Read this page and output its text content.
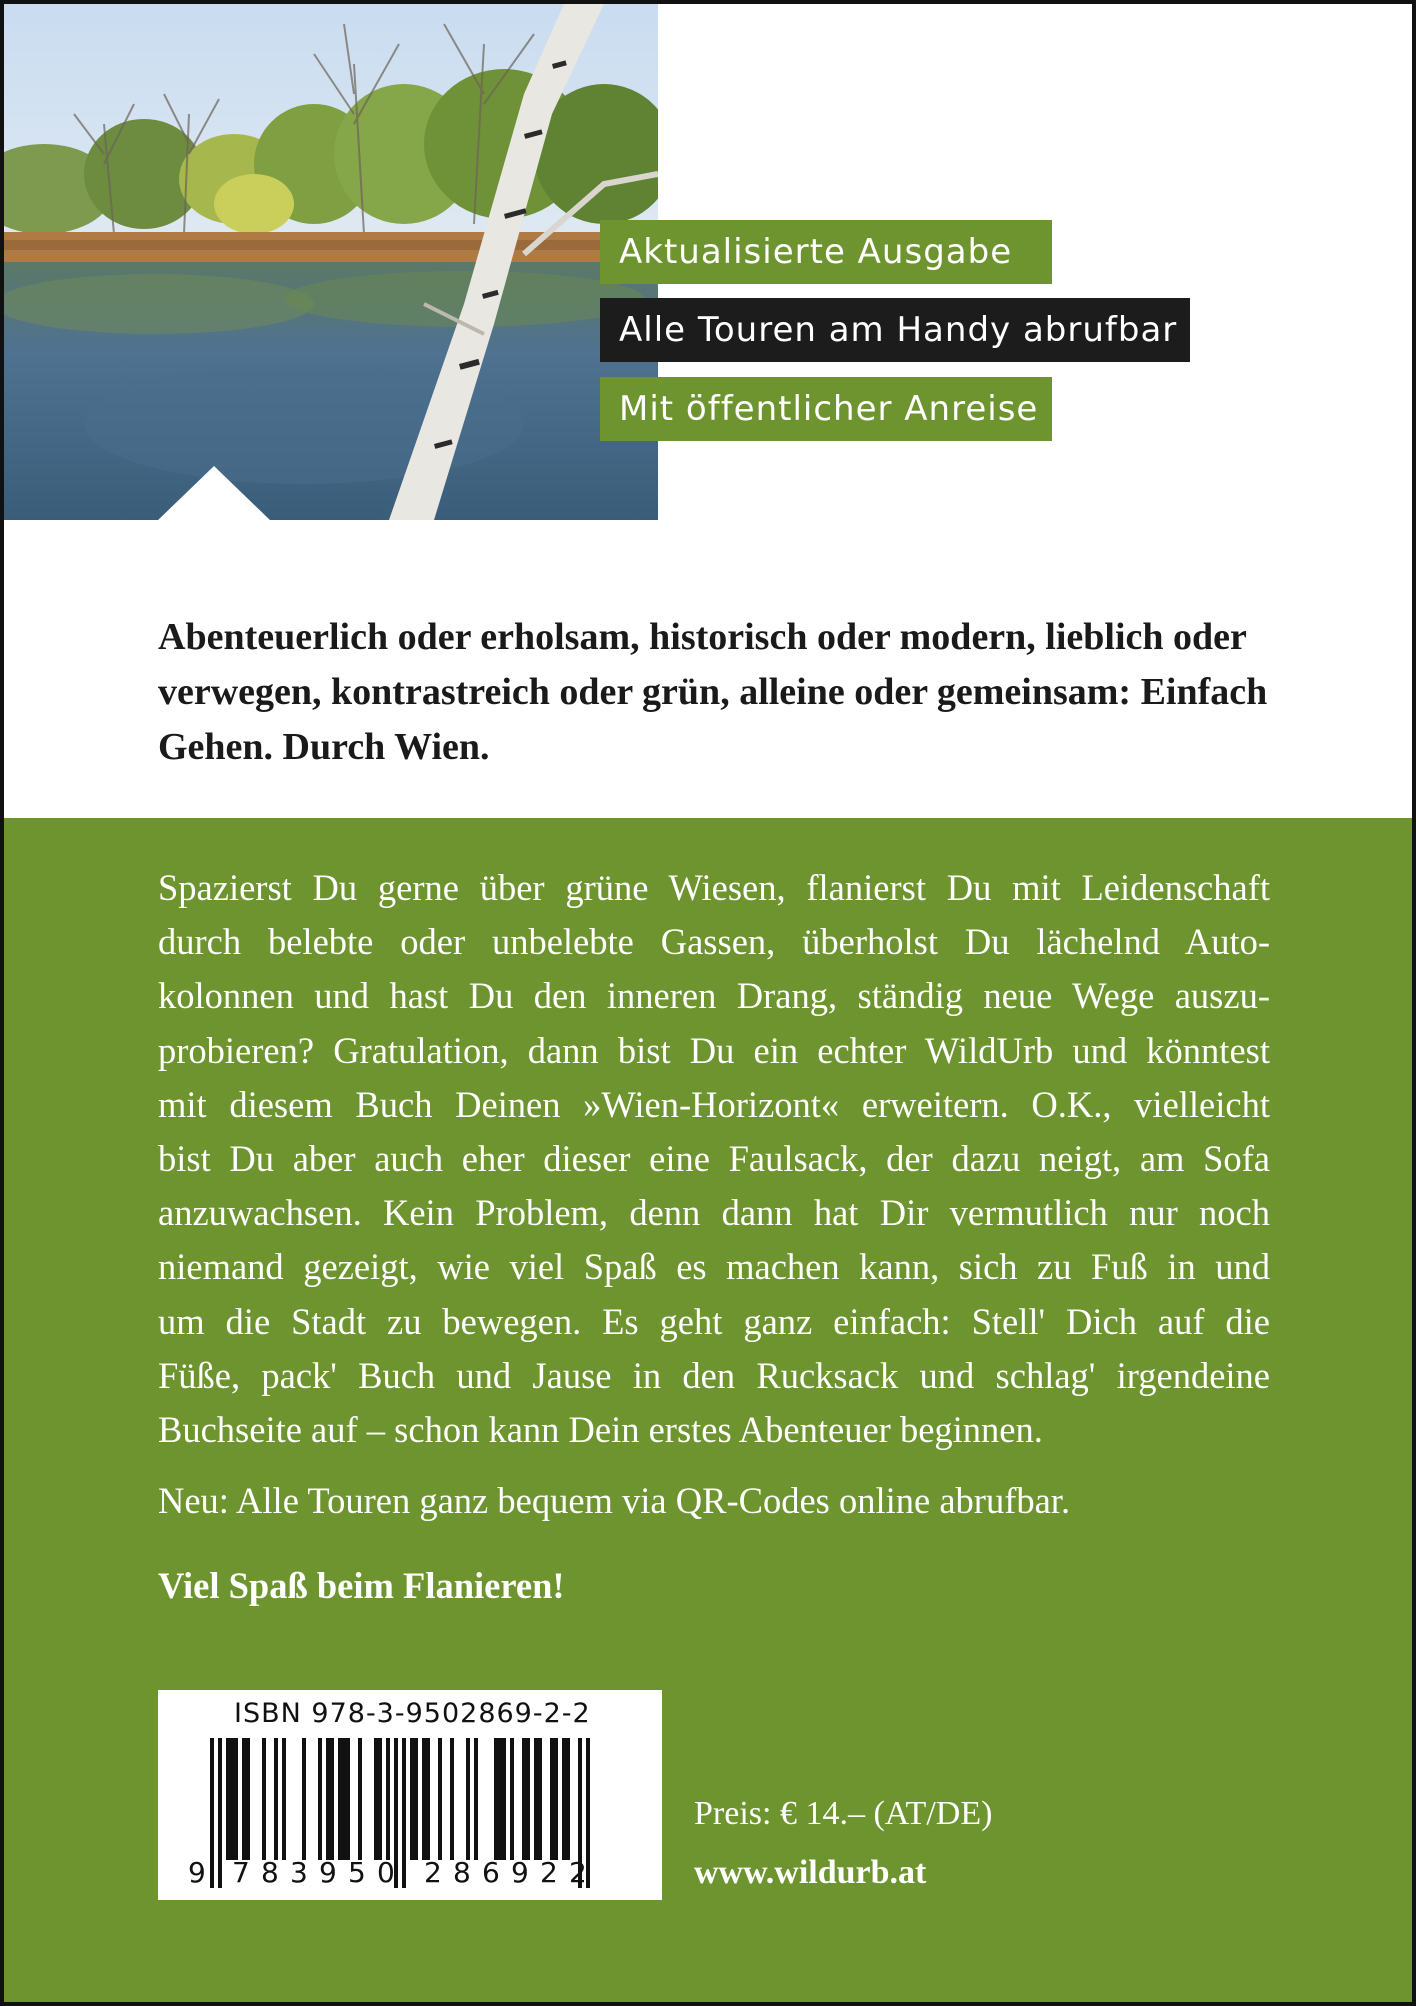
Aktualisierte Ausgabe
Alle Touren am Handy abrufbar
Mit öffentlicher Anreise

Abenteuerlich oder erholsam, historisch oder modern, lieblich oder verwegen, kontrastreich oder grün, alleine oder gemeinsam: Einfach Gehen. Durch Wien.

Spazierst Du gerne über grüne Wiesen, flanierst Du mit Leidenschaft
durch belebte oder unbelebte Gassen, überholst Du lächelnd Auto-
kolonnen und hast Du den inneren Drang, ständig neue Wege auszu-
probieren? Gratulation, dann bist Du ein echter WildUrb und könntest
mit diesem Buch Deinen »Wien-Horizont« erweitern. O.K., vielleicht
bist Du aber auch eher dieser eine Faulsack, der dazu neigt, am Sofa
anzuwachsen. Kein Problem, denn dann hat Dir vermutlich nur noch
niemand gezeigt, wie viel Spaß es machen kann, sich zu Fuß in und
um die Stadt zu bewegen. Es geht ganz einfach: Stell' Dich auf die
Füße, pack' Buch und Jause in den Rucksack und schlag' irgendeine
Buchseite auf – schon kann Dein erstes Abenteuer beginnen.

Neu: Alle Touren ganz bequem via QR-Codes online abrufbar.

Viel Spaß beim Flanieren!

ISBN 978-3-9502869-2-2
9 7 8 3 9 5 0 2 8 6 9 2 2

Preis: € 14.– (AT/DE)

www.wildurb.at
